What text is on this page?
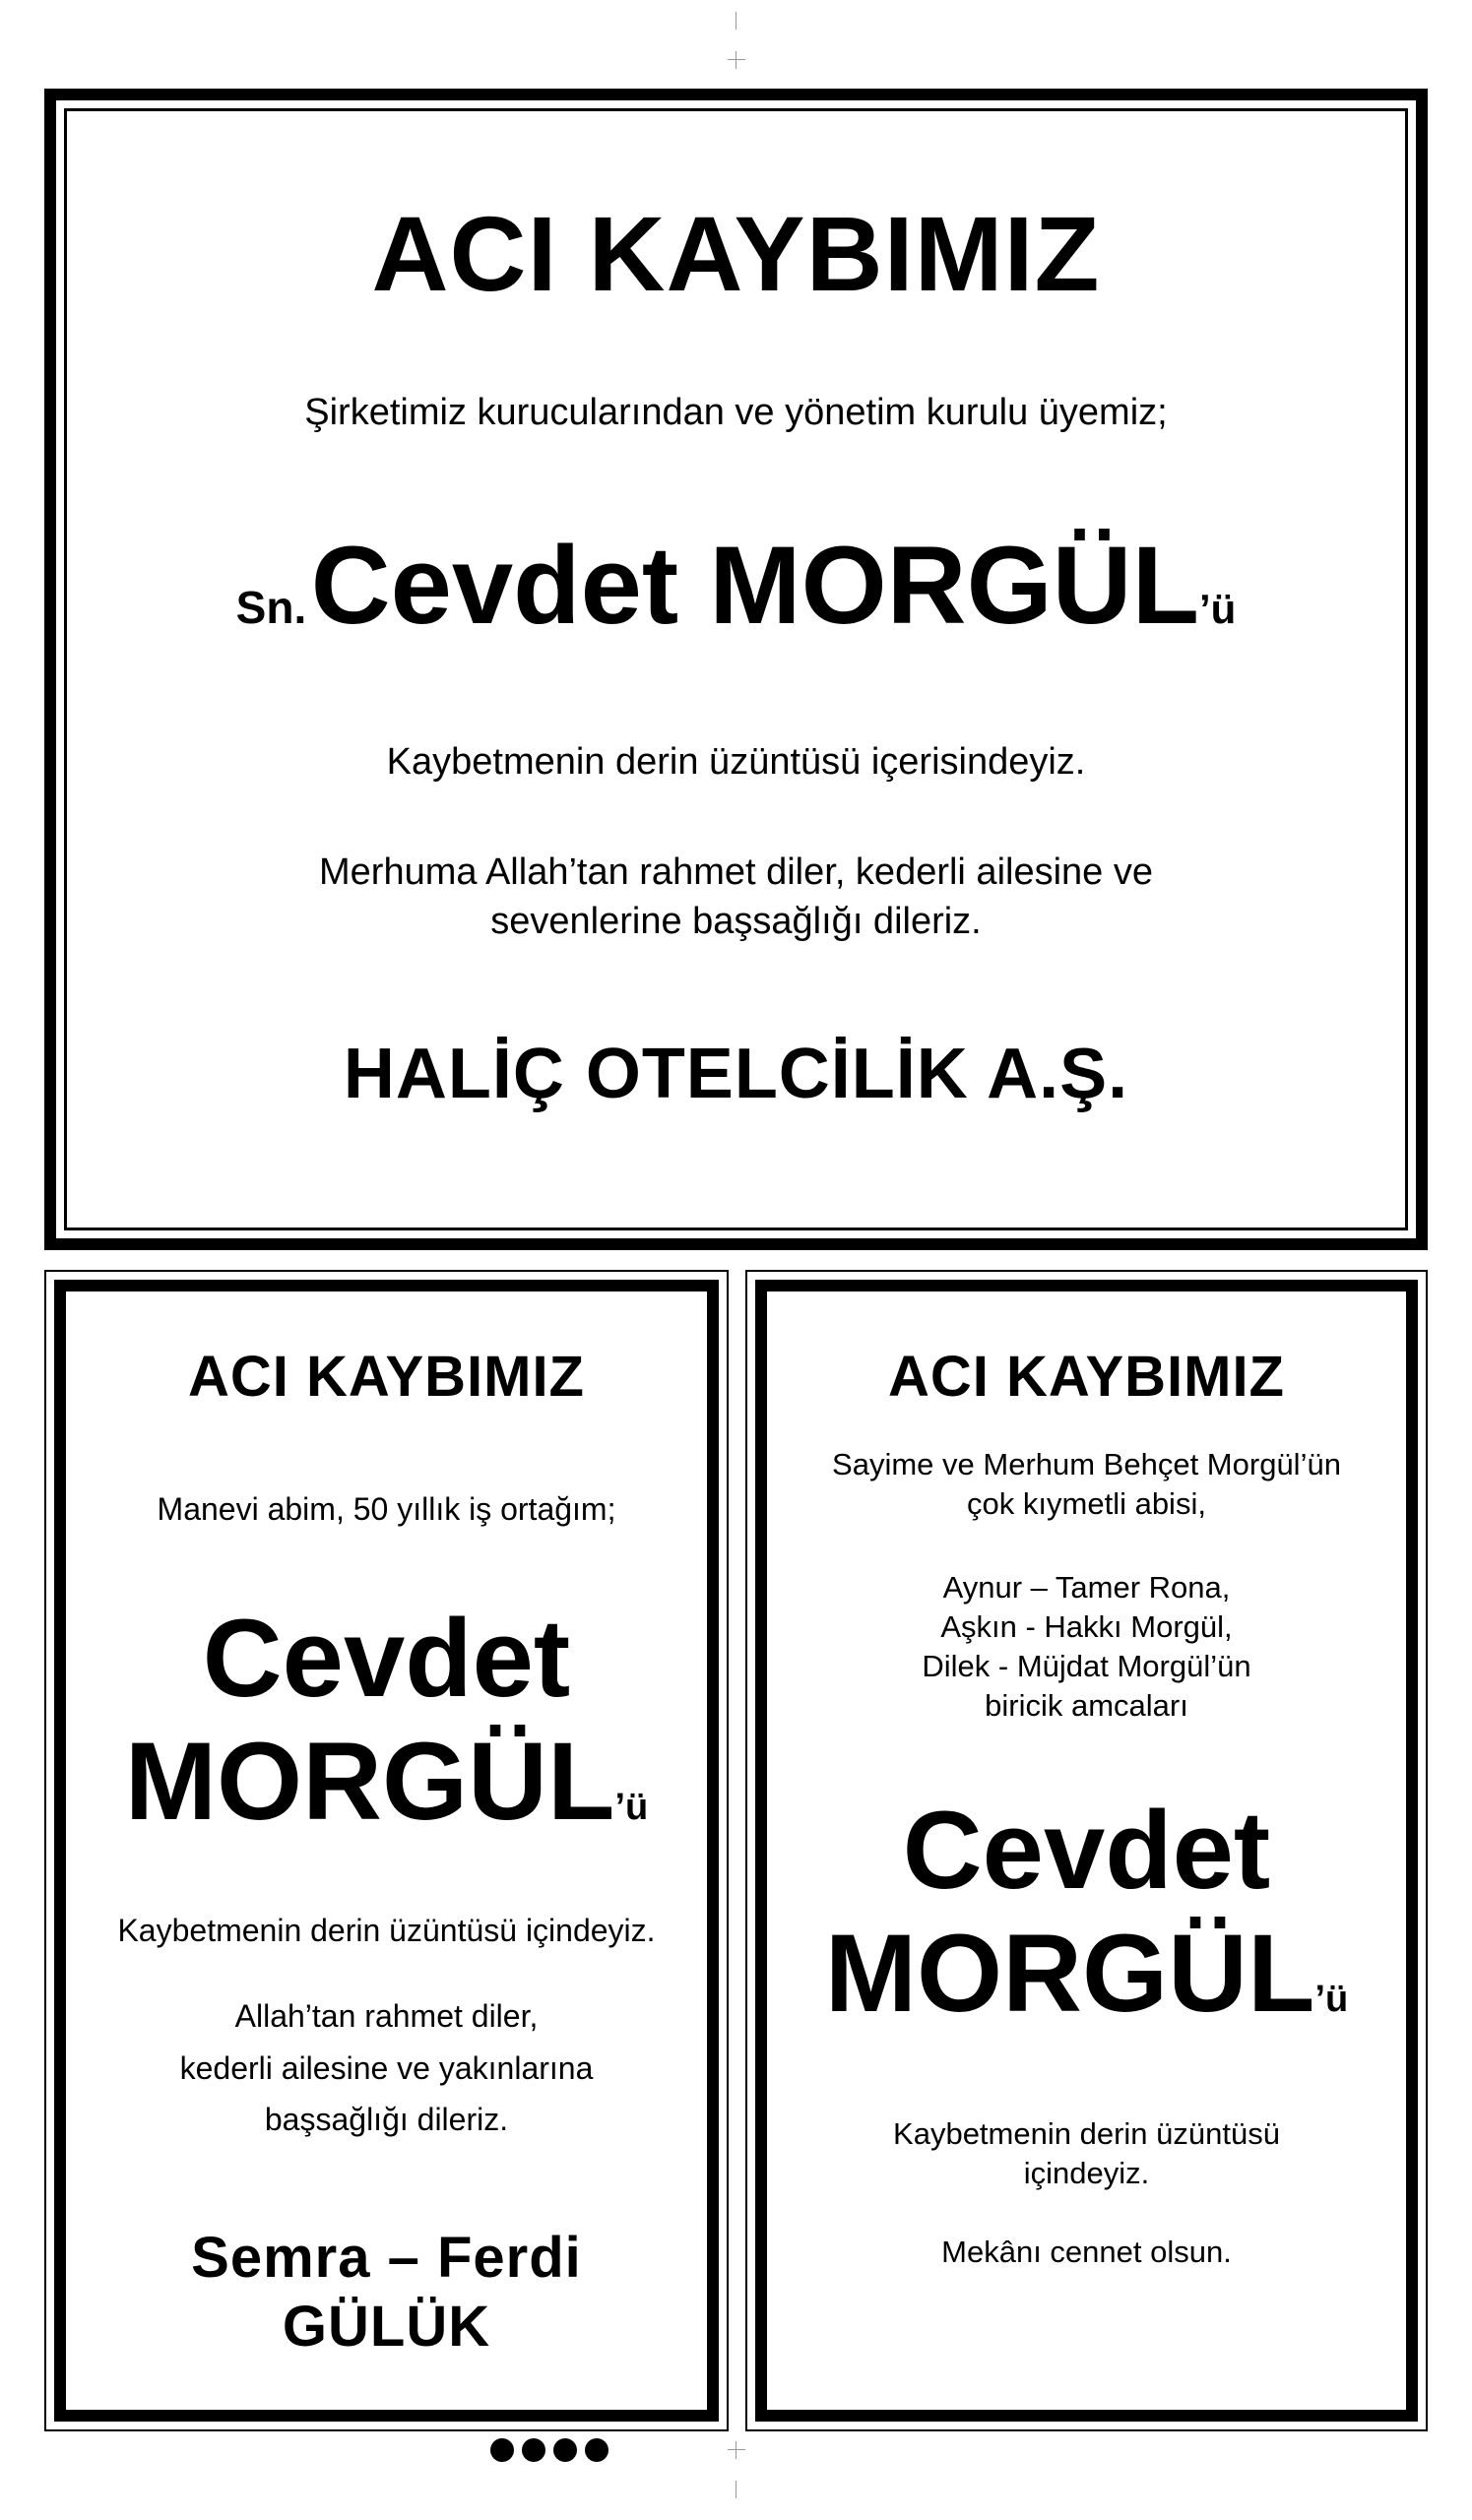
ACI KAYBIMIZ
Şirketimiz kurucularından ve yönetim kurulu üyemiz;
Sn. Cevdet MORGÜL’ü
Kaybetmenin derin üzüntüsü içerisindeyiz.
Merhuma Allah’tan rahmet diler, kederli ailesine ve
sevenlerine başsağlığı dileriz.
HALİÇ OTELCİLİK A.Ş.
ACI KAYBIMIZ
Manevi abim, 50 yıllık iş ortağım;
Cevdet
MORGÜL’ü
Kaybetmenin derin üzüntüsü içindeyiz.
Allah’tan rahmet diler,
kederli ailesine ve yakınlarına
başsağlığı dileriz.
Semra – Ferdi
GÜLÜK
ACI KAYBIMIZ
Sayime ve Merhum Behçet Morgül’ün
çok kıymetli abisi,
Aynur – Tamer Rona,
Aşkın - Hakkı Morgül,
Dilek - Müjdat Morgül’ün
biricik amcaları
Cevdet
MORGÜL’ü
Kaybetmenin derin üzüntüsü
içindeyiz.
Mekânı cennet olsun.
